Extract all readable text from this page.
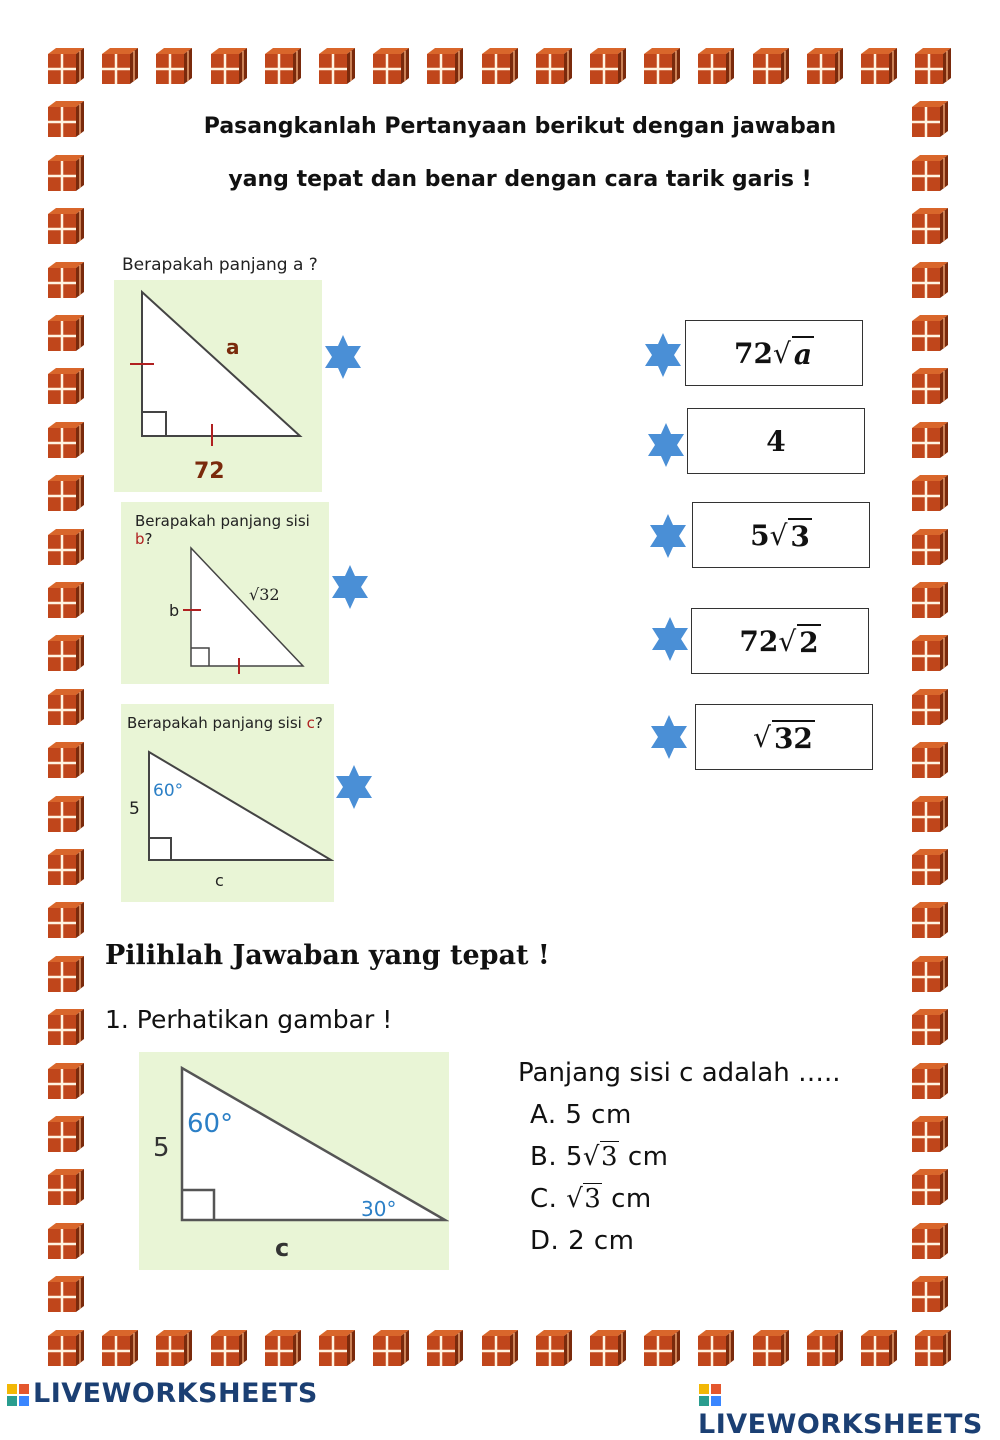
Pasangkanlah Pertanyaan berikut dengan jawaban
yang tepat dan benar dengan cara tarik garis !
Berapakah panjang a ?
a
72
Berapakah panjang sisi b?
b
√32
Berapakah panjang sisi c?
5
60°
c
72 √ a
4
5 √ 3
72 √ 2
√ 32
Pilihlah Jawaban yang tepat !
1. Perhatikan gambar !
5
60°
30°
c
Panjang sisi c adalah …..
A. 5 cm
B. 5√3 cm
C. √3 cm
D. 2 cm
LIVEWORKSHEETS
LIVEWORKSHEETS
